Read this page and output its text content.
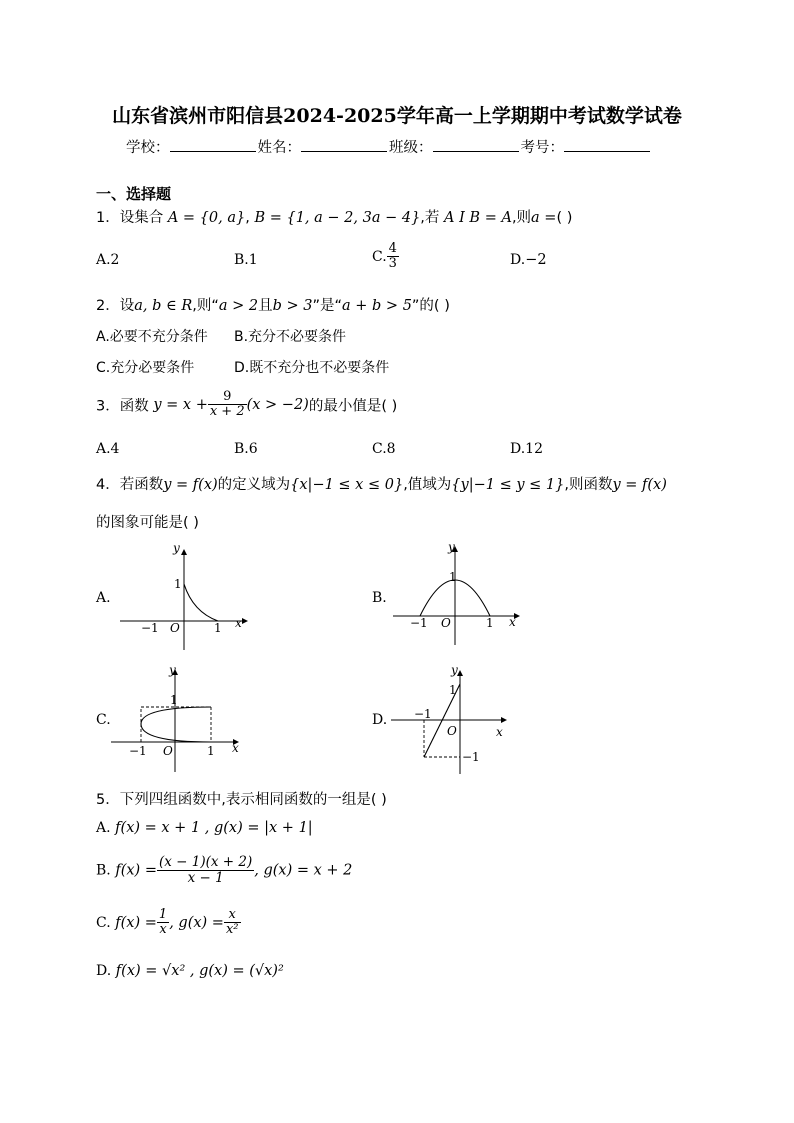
山东省滨州市阳信县2024-2025学年高一上学期期中考试数学试卷
学校：	姓名：	班级：	考号：
一、选择题
1．设集合 A = {0, a}, B = {1, a − 2, 3a − 4},若 A I B = A,则a =( )
A.2	B.1	C. $\frac{4}{3}$	D.−2
2．设a, b ∈ R,则“a > 2且b > 3”是“a + b > 5”的( )
A.必要不充分条件 B.充分不必要条件
C.充分必要条件	D.既不充分也不必要条件
3．函数 $y = x + \frac{9}{x + 2} (x > -2)$的最小值是( )
A.4	B.6	C.8	D.12
4．若函数y = f(x)的定义域为{x|−1 ≤ x ≤ 0},值域为{y|−1 ≤ y ≤ 1},则函数y = f(x)
的图象可能是( )
A.	B.
C.	D.
y
x
1
−1 O	1
y
x
1
−1 O	1
y
x
1
−1 O	1
y
x
1
−1
O
−1
5．下列四组函数中,表示相同函数的一组是( )
A. f(x) = x + 1 , g(x) = |x + 1|
B. $f(x) = \frac{(x - 1)(x + 2)}{x - 1}$ , g(x) = x + 2
C. $f(x) = \frac{1}{x}$ , $g(x) = \frac{x}{\text{x²}}$
D. f(x) = √x² , g(x) = (√x)²
